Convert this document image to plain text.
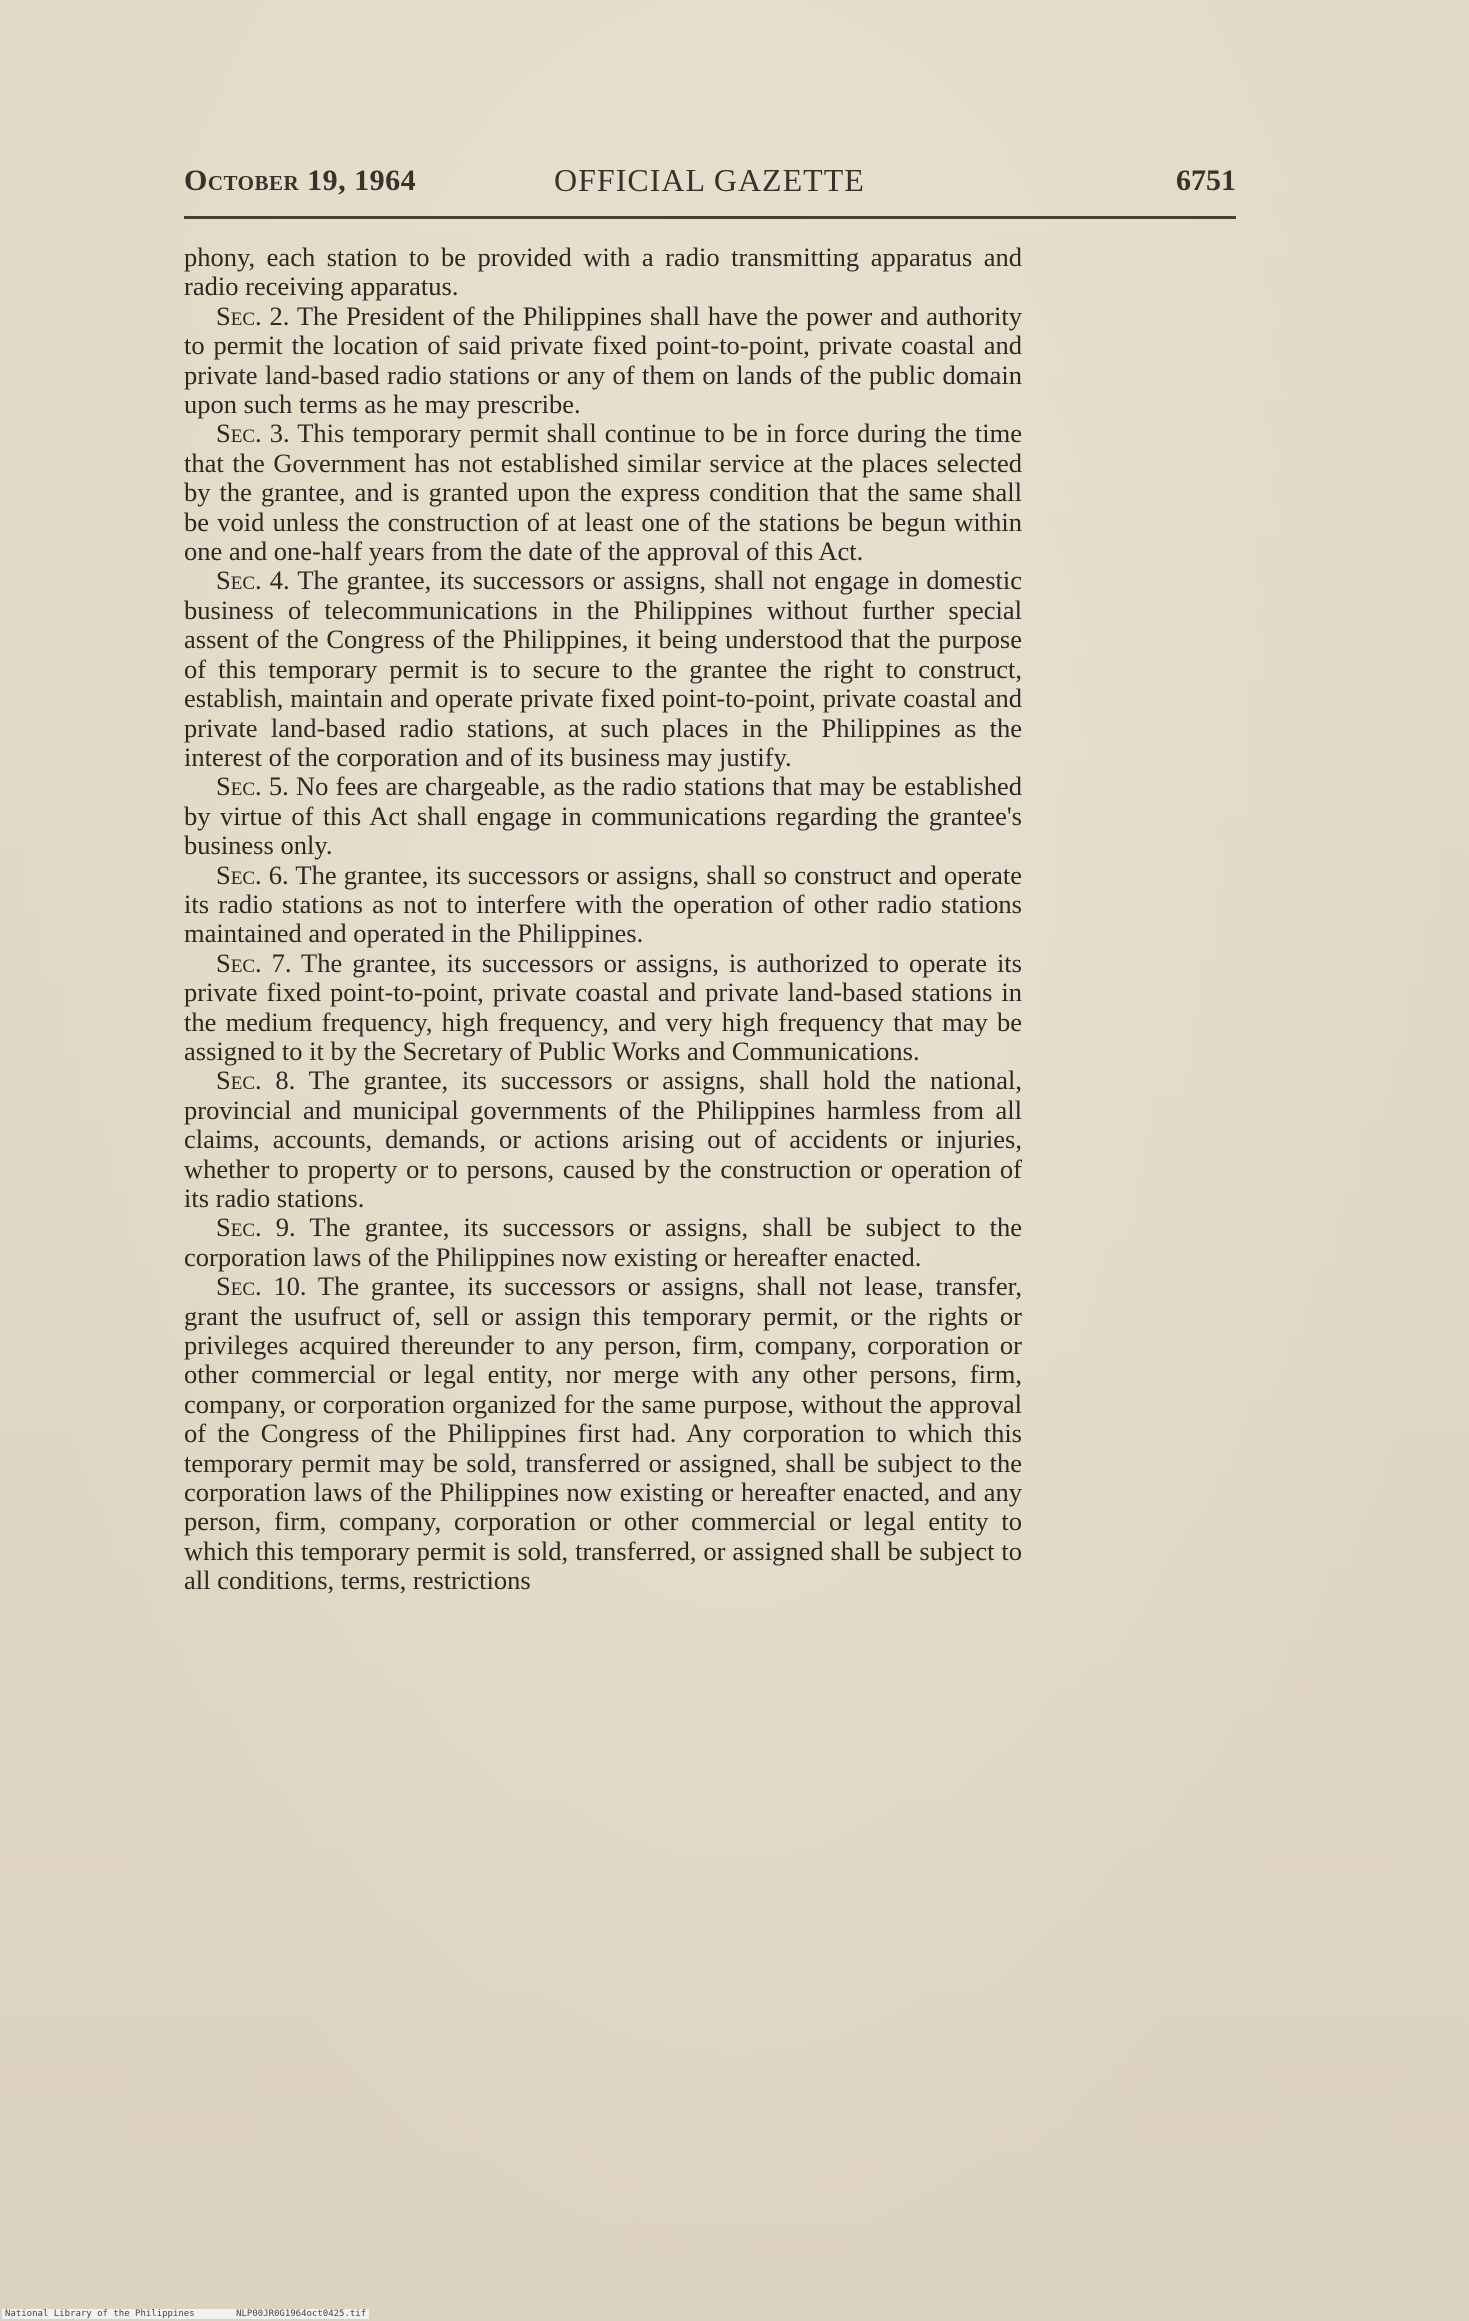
October 19, 1964	OFFICIAL GAZETTE	6751

phony, each station to be provided with a radio transmitting apparatus and radio receiving apparatus.

Sec. 2. The President of the Philippines shall have the power and authority to permit the location of said private fixed point-to-point, private coastal and private land-based radio stations or any of them on lands of the public domain upon such terms as he may prescribe.

Sec. 3. This temporary permit shall continue to be in force during the time that the Government has not established similar service at the places selected by the grantee, and is granted upon the express condition that the same shall be void unless the construction of at least one of the stations be begun within one and one-half years from the date of the approval of this Act.

Sec. 4. The grantee, its successors or assigns, shall not engage in domestic business of telecommunications in the Philippines without further special assent of the Congress of the Philippines, it being understood that the purpose of this temporary permit is to secure to the grantee the right to construct, establish, maintain and operate private fixed point-to-point, private coastal and private land-based radio stations, at such places in the Philippines as the interest of the corporation and of its business may justify.

Sec. 5. No fees are chargeable, as the radio stations that may be established by virtue of this Act shall engage in communications regarding the grantee's business only.

Sec. 6. The grantee, its successors or assigns, shall so construct and operate its radio stations as not to interfere with the operation of other radio stations maintained and operated in the Philippines.

Sec. 7. The grantee, its successors or assigns, is authorized to operate its private fixed point-to-point, private coastal and private land-based stations in the medium frequency, high frequency, and very high frequency that may be assigned to it by the Secretary of Public Works and Communications.

Sec. 8. The grantee, its successors or assigns, shall hold the national, provincial and municipal governments of the Philippines harmless from all claims, accounts, demands, or actions arising out of accidents or injuries, whether to property or to persons, caused by the construction or operation of its radio stations.

Sec. 9. The grantee, its successors or assigns, shall be subject to the corporation laws of the Philippines now existing or hereafter enacted.

Sec. 10. The grantee, its successors or assigns, shall not lease, transfer, grant the usufruct of, sell or assign this temporary permit, or the rights or privileges acquired thereunder to any person, firm, company, corporation or other commercial or legal entity, nor merge with any other persons, firm, company, or corporation organized for the same purpose, without the approval of the Congress of the Philippines first had. Any corporation to which this temporary permit may be sold, transferred or assigned, shall be subject to the corporation laws of the Philippines now existing or hereafter enacted, and any person, firm, company, corporation or other commercial or legal entity to which this temporary permit is sold, transferred, or assigned shall be subject to all conditions, terms, restrictions

National Library of the Philippines	NLP00JR0G1964oct0425.tif
